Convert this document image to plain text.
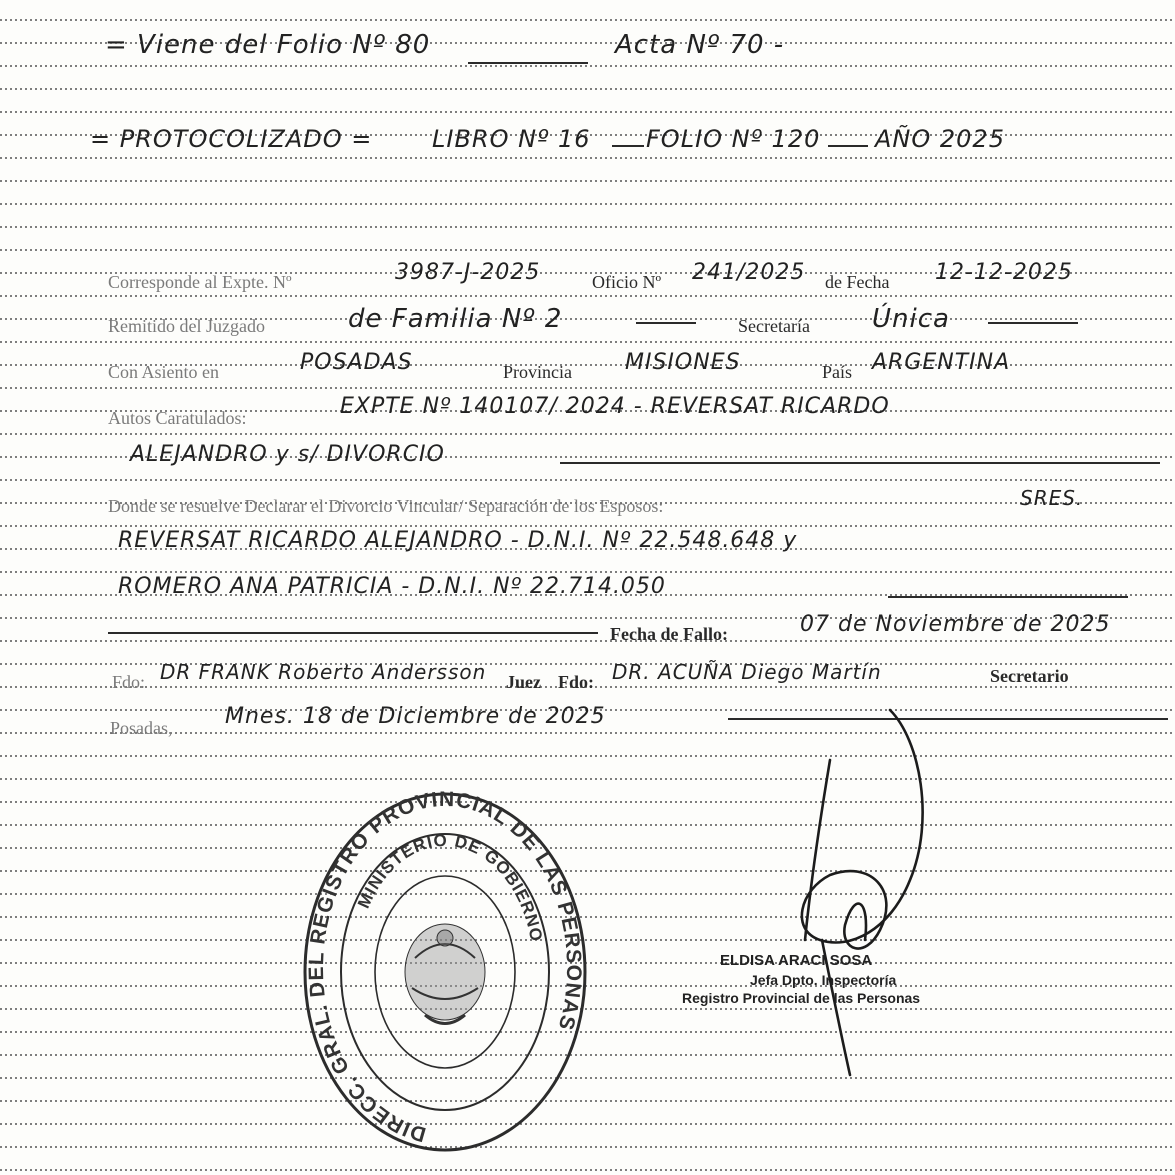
= Viene del Folio Nº 80	Acta Nº 70 -
= PROTOCOLIZADO = LIBRO Nº 16 FOLIO Nº 120 AÑO 2025
Corresponde al Expte. Nº	3987-J-2025	Oficio Nº 241/2025 de Fecha 12-12-2025
Remitido del Juzgado	de Familia Nº 2	Secretaría Única
Con Asiento en	POSADAS	Provincia MISIONES	País ARGENTINA
Autos Caratulados:	EXPTE Nº 140107/ 2024 - REVERSAT RICARDO
ALEJANDRO y s/ DIVORCIO
Donde se resuelve Declarar el Divorcio Vincular/ Separación de los Esposos:	SRES.
REVERSAT RICARDO ALEJANDRO - D.N.I. Nº 22.548.648 y
ROMERO ANA PATRICIA - D.N.I. Nº 22.714.050
Fecha de Fallo:	07 de Noviembre de 2025
Fdo: DR FRANK Roberto Andersson Juez Fdo: DR. ACUÑA Diego Martín	Secretario
Posadas, Mnes. 18 de Diciembre de 2025
DIRECC. GRAL. DEL REGISTRO PROVINCIAL DE LAS PERSONAS
MINISTERIO DE GOBIERNO
ELDISA ARACI SOSA
Jefa Dpto. Inspectoría
Registro Provincial de las Personas
